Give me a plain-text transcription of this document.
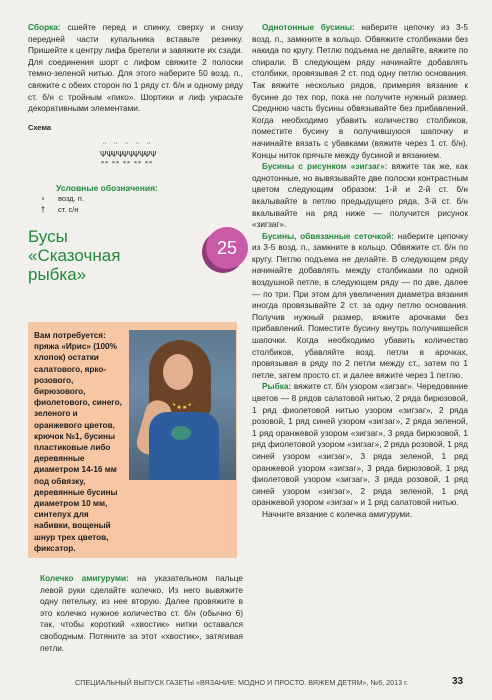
Сборка: сшейте перед и спинку, сверху и снизу передней части купальника вставьте резинку. Пришейте к центру лифа бретели и завяжите их сзади. Для соединения шорт с лифом свяжите 2 полоски темно-зеленой нитью. Для этого наберите 50 возд. п., свяжите с обеих сторон по 1 ряду ст. б/н и одному ряду ст. б/н с тройным «пико». Шортики и лиф украсьте декоративными элементами.

Схема
ᐧᐧ ᐧᐧ ᐧᐧ ᐧᐧ ᐧᐧ
ΨΨ
ΨΨ
ΨΨ
ΨΨ
ΨΨ
˭˭ ˭˭ ˭˭ ˭˭ ˭˭
Условные обозначения:
∘	возд. п.
†	ст. с/н
Бусы
«Сказочная
рыбка»
25
Вам потребуется: пряжа «Ирис» (100% хлопок) остатки салатового, ярко-розового, бирюзового, фиолетового, синего, зеленого и оранжевого цветов, крючок №1, бусины пластиковые либо деревянные диаметром 14-16 мм под обвязку, деревянные бусины диаметром 10 мм, синтепух для набивки, вощеный шнур трех цветов, фиксатор.

Колечко амигуруми: на указательном пальце левой руки сделайте колечко. Из него вывяжите одну петельку, из нее вторую. Далее провяжите в это колечко нужное количество ст. б/н (обычно 6) так, чтобы короткий «хвостик» нитки оставался свободным. Потяните за этот «хвостик», затягивая петли.

Однотонные бусины: наберите цепочку из 3-5 возд. п., замкните в кольцо. Обвяжите столбиками без накида по кругу. Петлю подъема не делайте, вяжите по спирали. В следующем ряду начинайте добавлять столбики, провязывая 2 ст. под одну петлю основания. Так вяжите несколько рядов, примеряя вязание к бусине до тех пор, пока не получите нужный размер. Среднюю часть бусины обвязывайте без прибавлений. Когда необходимо убавить количество столбиков, поместите бусину в получившуюся шапочку и начинайте вязать с убавками (вяжите через 1 ст. б/н). Концы ниток прячьте между бусиной и вязанием.

Бусины с рисунком «зигзаг»: вяжите так же, как однотонные, но вывязывайте две полоски контрастным цветом следующим образом: 1-й и 2-й ст. б/н вкалывайте в петлю предыдущего ряда, 3-й ст. б/н вкалывайте на ряд ниже — получится рисунок «зигзаг».

Бусины, обвязанные сеточкой: наберите цепочку из 3-5 возд. п., замкните в кольцо. Обвяжите ст. б/н по кругу. Петлю подъема не делайте. В следующем ряду начинайте добавлять между столбиками по одной воздушной петле, в следующем ряду — по две, далее — по три. При этом для увеличения диаметра вязания иногда провязывайте 2 ст. за одну петлю основания. Получив нужный размер, вяжите арочками без прибавлений. Поместите бусину внутрь получившейся шапочки. Когда необходимо убавить количество столбиков, убавляйте возд. петли в арочках, провязывая в ряду по 2 петли между ст., затем по 1 петле, затем просто ст. и далее вяжите через 1 петлю.

Рыбка: вяжите ст. б/н узором «зигзаг». Чередование цветов — 8 рядов салатовой нитью, 2 ряда бирюзовой, 1 ряд фиолетовой нитью узором «зигзаг», 2 ряда розовой, 1 ряд синей узором «зигзаг», 2 ряда зеленой, 1 ряд оранжевой узором «зигзаг», 3 ряда бирюзовой, 1 ряд фиолетовой узором «зигзаг», 2 ряда розовой, 1 ряд синей узором «зигзаг», 3 ряда зеленой, 1 ряд оранжевой узором «зигзаг», 3 ряда бирюзовой, 1 ряд фиолетовой узором «зигзаг», 3 ряда розовой, 1 ряд синей узором «зигзаг», 2 ряда зеленой, 1 ряд оранжевой узором «зигзаг» и 1 ряд салатовой нитью.

Начните вязание с колечка амигуруми.

СПЕЦИАЛЬНЫЙ ВЫПУСК ГАЗЕТЫ «ВЯЗАНИЕ: МОДНО И ПРОСТО. ВЯЖЕМ ДЕТЯМ», №6, 2013 г.	33
